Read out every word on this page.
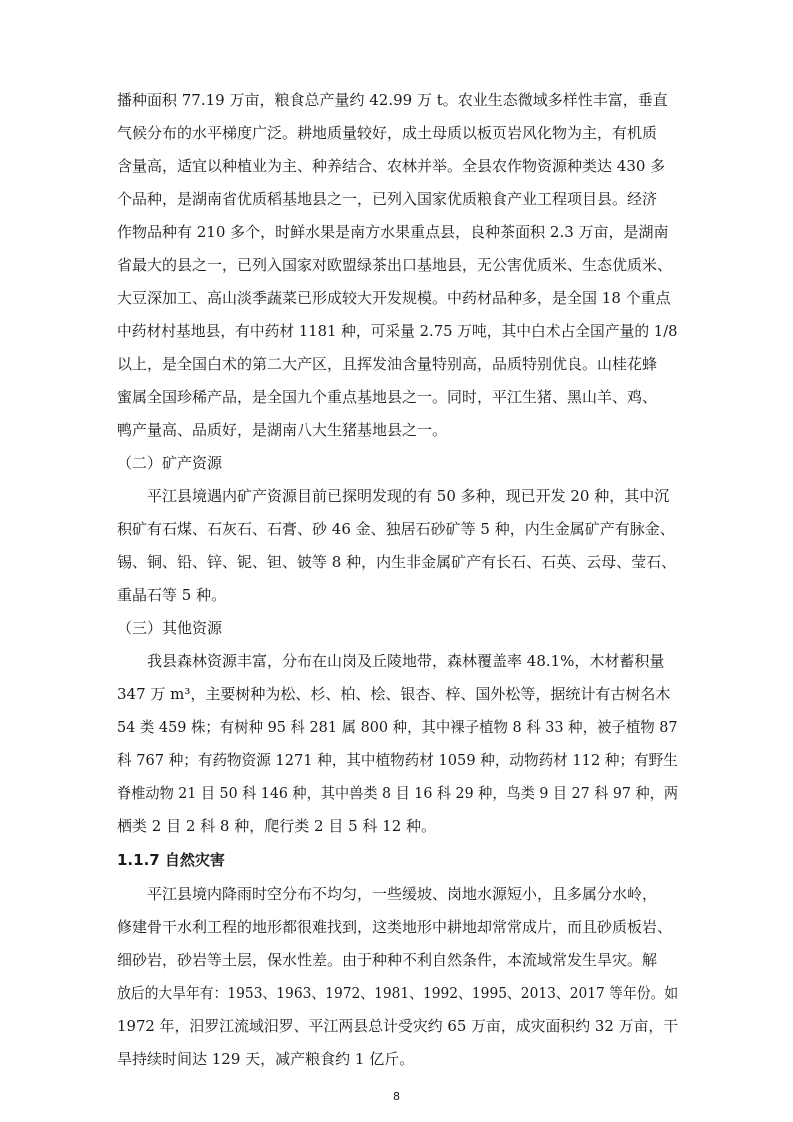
播种面积 77.19 万亩，粮食总产量约 42.99 万 t。农业生态微域多样性丰富，垂直
气候分布的水平梯度广泛。耕地质量较好，成土母质以板页岩风化物为主，有机质
含量高，适宜以种植业为主、种养结合、农林并举。全县农作物资源种类达 430 多
个品种，是湖南省优质稻基地县之一，已列入国家优质粮食产业工程项目县。经济
作物品种有 210 多个，时鲜水果是南方水果重点县，良种茶面积 2.3 万亩，是湖南
省最大的县之一，已列入国家对欧盟绿茶出口基地县，无公害优质米、生态优质米、
大豆深加工、高山淡季蔬菜已形成较大开发规模。中药材品种多，是全国 18 个重点
中药材村基地县，有中药材 1181 种，可采量 2.75 万吨，其中白术占全国产量的 1/8
以上，是全国白术的第二大产区，且挥发油含量特别高，品质特别优良。山桂花蜂
蜜属全国珍稀产品，是全国九个重点基地县之一。同时，平江生猪、黑山羊、鸡、
鸭产量高、品质好，是湖南八大生猪基地县之一。
（二）矿产资源
平江县境遇内矿产资源目前已探明发现的有 50 多种，现已开发 20 种，其中沉
积矿有石煤、石灰石、石膏、砂 46 金、独居石砂矿等 5 种，内生金属矿产有脉金、
锡、铜、铅、锌、铌、钽、铍等 8 种，内生非金属矿产有长石、石英、云母、莹石、
重晶石等 5 种。
（三）其他资源
我县森林资源丰富，分布在山岗及丘陵地带，森林覆盖率 48.1%，木材蓄积量
347 万 m³，主要树种为松、杉、柏、桧、银杏、梓、国外松等，据统计有古树名木
54 类 459 株；有树种 95 科 281 属 800 种，其中裸子植物 8 科 33 种，被子植物 87
科 767 种；有药物资源 1271 种，其中植物药材 1059 种，动物药材 112 种；有野生
脊椎动物 21 目 50 科 146 种，其中兽类 8 目 16 科 29 种，鸟类 9 目 27 科 97 种，两
栖类 2 目 2 科 8 种，爬行类 2 目 5 科 12 种。
1.1.7 自然灾害
平江县境内降雨时空分布不均匀，一些缓坡、岗地水源短小，且多属分水岭，
修建骨干水利工程的地形都很难找到，这类地形中耕地却常常成片，而且砂质板岩、
细砂岩，砂岩等土层，保水性差。由于种种不利自然条件，本流域常发生旱灾。解
放后的大旱年有：1953、1963、1972、1981、1992、1995、2013、2017 等年份。如
1972 年，汨罗江流域汨罗、平江两县总计受灾约 65 万亩，成灾面积约 32 万亩，干
旱持续时间达 129 天，减产粮食约 1 亿斤。
8
